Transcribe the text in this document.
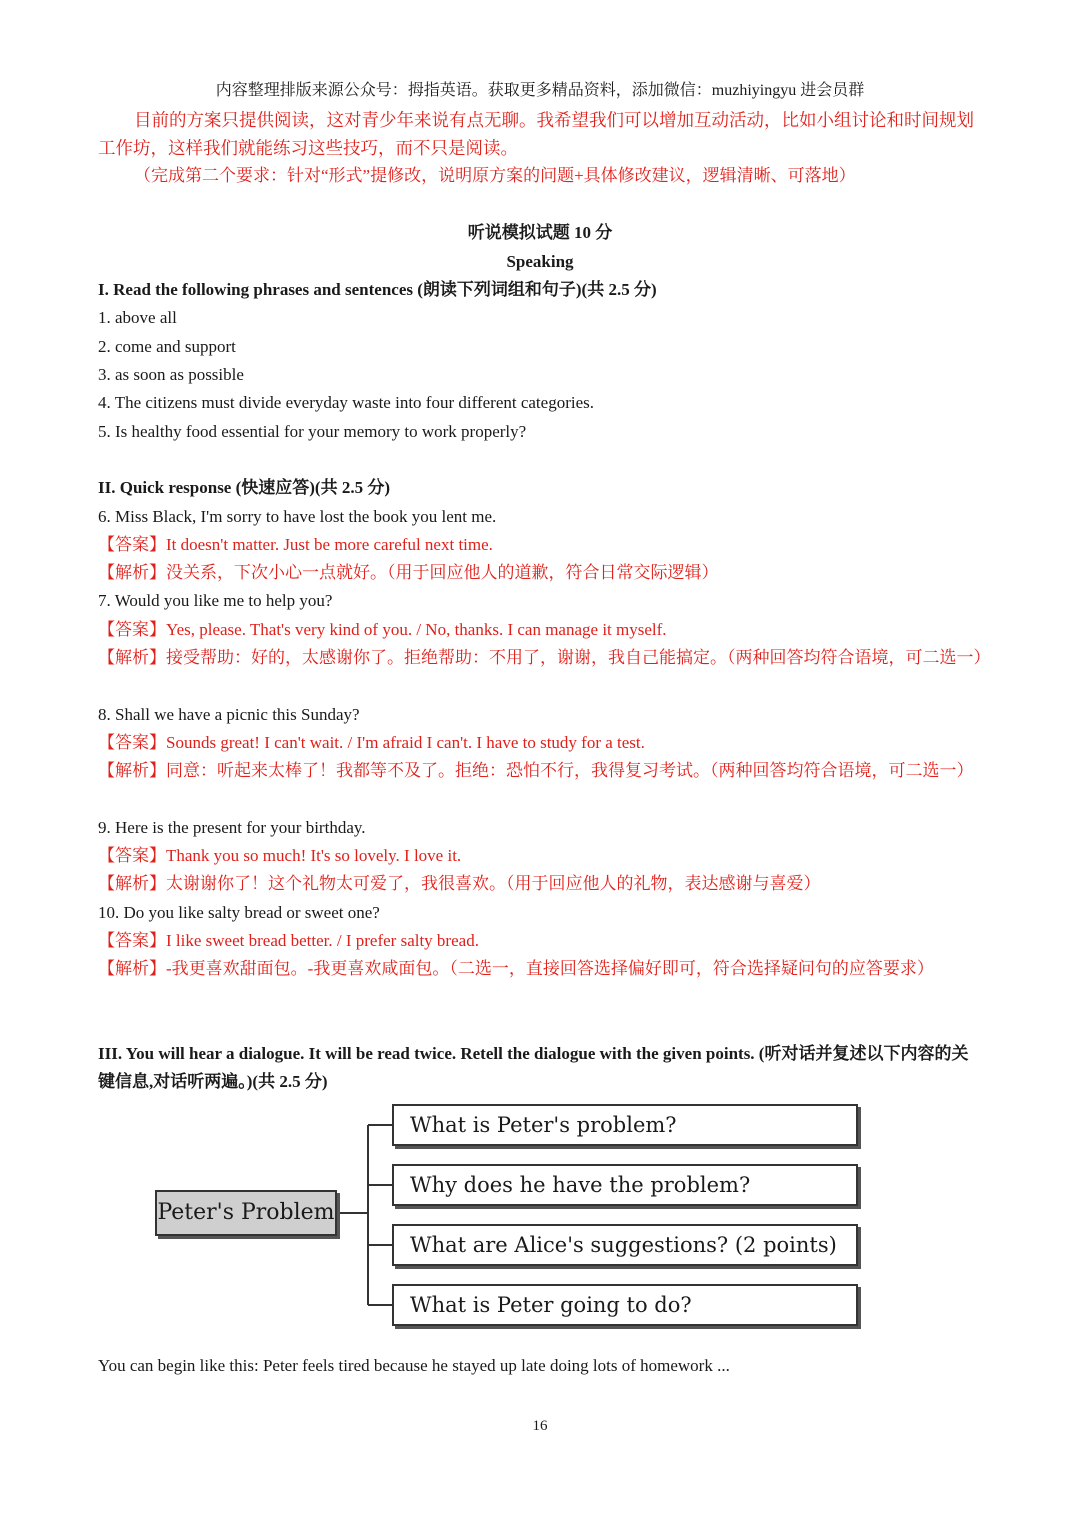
内容整理排版来源公众号：拇指英语。获取更多精品资料，添加微信：muzhiyingyu 进会员群
目前的方案只提供阅读，这对青少年来说有点无聊。我希望我们可以增加互动活动，比如小组讨论和时间规划工作坊，这样我们就能练习这些技巧，而不只是阅读。
（完成第二个要求：针对“形式”提修改，说明原方案的问题+具体修改建议，逻辑清晰、可落地）
听说模拟试题 10 分
Speaking
I. Read the following phrases and sentences (朗读下列词组和句子)(共 2.5 分)
1. above all
2. come and support
3. as soon as possible
4. The citizens must divide everyday waste into four different categories.
5. Is healthy food essential for your memory to work properly?
II. Quick response (快速应答)(共 2.5 分)
6. Miss Black, I'm sorry to have lost the book you lent me.
【答案】It doesn't matter. Just be more careful next time.
【解析】没关系，下次小心一点就好。（用于回应他人的道歉，符合日常交际逻辑）
7. Would you like me to help you?
【答案】Yes, please. That's very kind of you. / No, thanks. I can manage it myself.
【解析】接受帮助：好的，太感谢你了。拒绝帮助：不用了，谢谢，我自己能搞定。（两种回答均符合语境，可二选一）
8. Shall we have a picnic this Sunday?
【答案】Sounds great! I can't wait. / I'm afraid I can't. I have to study for a test.
【解析】同意：听起来太棒了！我都等不及了。拒绝：恐怕不行，我得复习考试。（两种回答均符合语境，可二选一）
9. Here is the present for your birthday.
【答案】Thank you so much! It's so lovely. I love it.
【解析】太谢谢你了！这个礼物太可爱了，我很喜欢。（用于回应他人的礼物，表达感谢与喜爱）
10. Do you like salty bread or sweet one?
【答案】I like sweet bread better. / I prefer salty bread.
【解析】-我更喜欢甜面包。-我更喜欢咸面包。（二选一，直接回答选择偏好即可，符合选择疑问句的应答要求）
III. You will hear a dialogue. It will be read twice. Retell the dialogue with the given points. (听对话并复述以下内容的关键信息,对话听两遍。)(共 2.5 分)
Peter's Problem
What is Peter's problem?
Why does he have the problem?
What are Alice's suggestions? (2 points)
What is Peter going to do?
You can begin like this: Peter feels tired because he stayed up late doing lots of homework ...
16
